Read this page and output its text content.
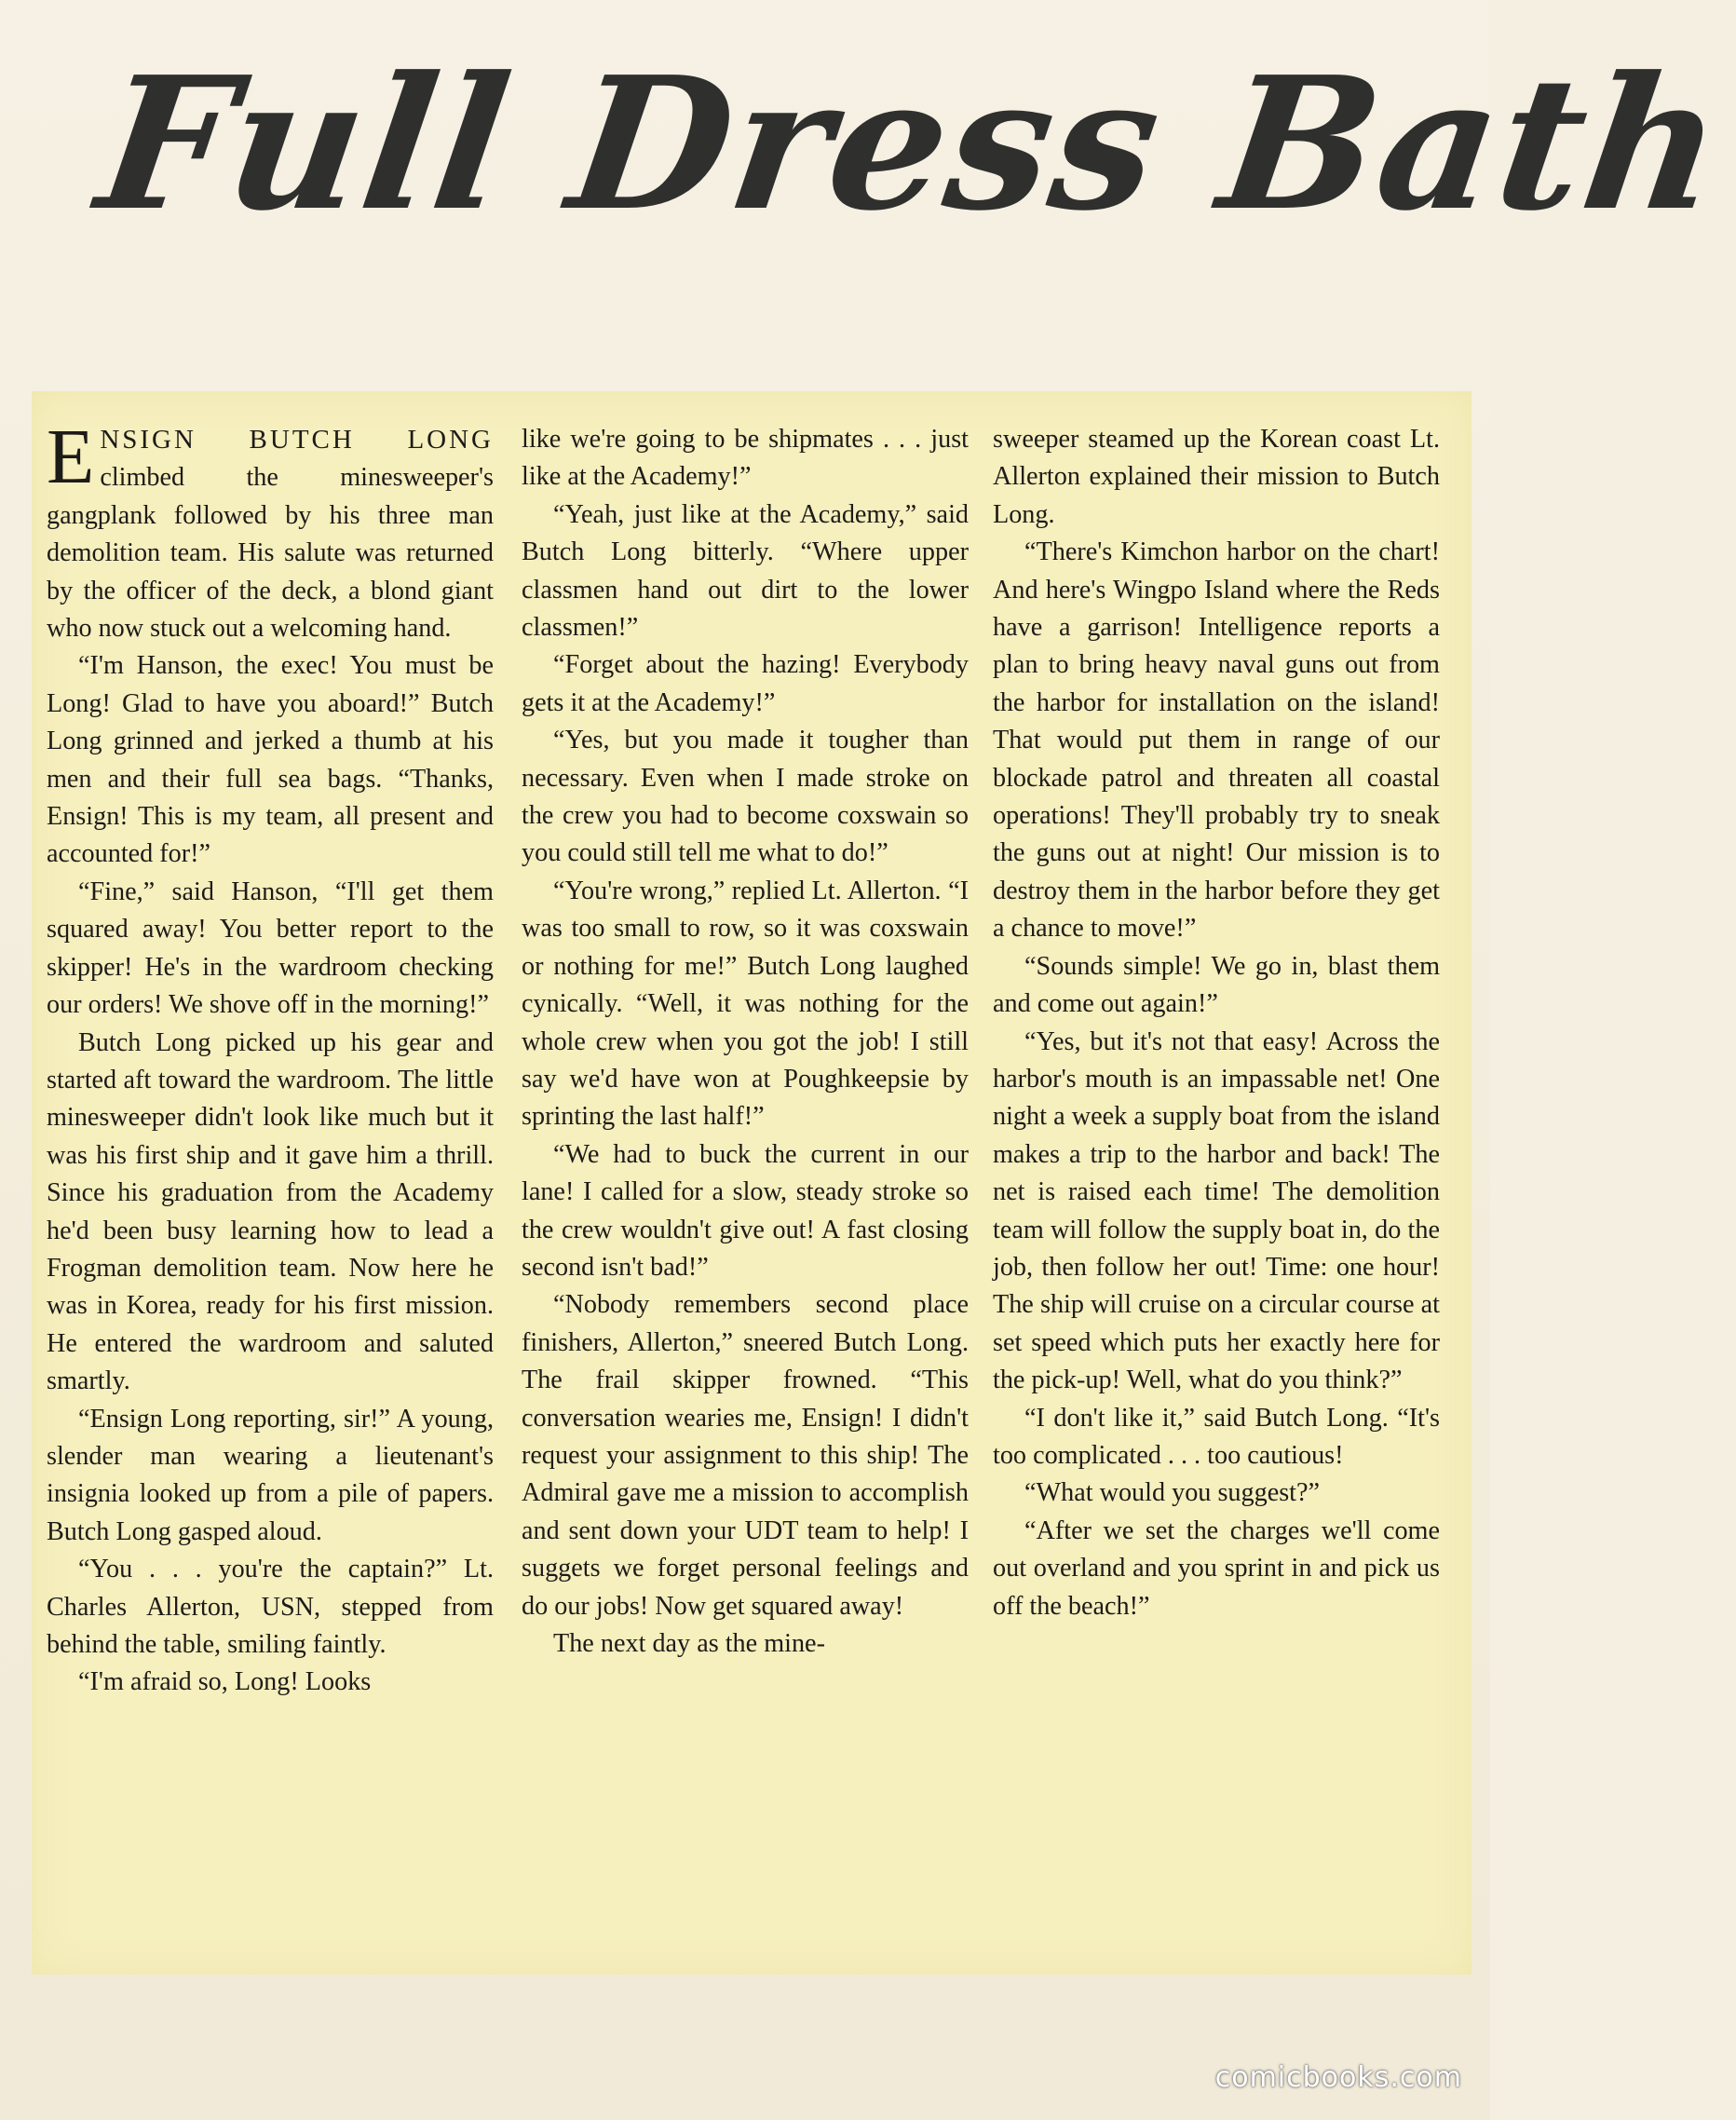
Full Dress Bath

ENSIGN BUTCH LONG climbed the minesweeper's gangplank followed by his three man demolition team. His salute was returned by the officer of the deck, a blond giant who now stuck out a welcoming hand.

“I'm Hanson, the exec! You must be Long! Glad to have you aboard!” Butch Long grinned and jerked a thumb at his men and their full sea bags. “Thanks, Ensign! This is my team, all present and accounted for!”

“Fine,” said Hanson, “I'll get them squared away! You better report to the skipper! He's in the wardroom checking our orders! We shove off in the morning!”

Butch Long picked up his gear and started aft toward the wardroom. The little minesweeper didn't look like much but it was his first ship and it gave him a thrill. Since his graduation from the Academy he'd been busy learning how to lead a Frogman demolition team. Now here he was in Korea, ready for his first mission. He entered the wardroom and saluted smartly.

“Ensign Long reporting, sir!” A young, slender man wearing a lieutenant's insignia looked up from a pile of papers. Butch Long gasped aloud.

“You . . . you're the captain?” Lt. Charles Allerton, USN, stepped from behind the table, smiling faintly.

“I'm afraid so, Long! Looks

like we're going to be shipmates . . . just like at the Academy!”

“Yeah, just like at the Academy,” said Butch Long bitterly. “Where upper classmen hand out dirt to the lower classmen!”

“Forget about the hazing! Everybody gets it at the Academy!”

“Yes, but you made it tougher than necessary. Even when I made stroke on the crew you had to become coxswain so you could still tell me what to do!”

“You're wrong,” replied Lt. Allerton. “I was too small to row, so it was coxswain or nothing for me!” Butch Long laughed cynically. “Well, it was nothing for the whole crew when you got the job! I still say we'd have won at Poughkeepsie by sprinting the last half!”

“We had to buck the current in our lane! I called for a slow, steady stroke so the crew wouldn't give out! A fast closing second isn't bad!”

“Nobody remembers second place finishers, Allerton,” sneered Butch Long. The frail skipper frowned. “This conversation wearies me, Ensign! I didn't request your assignment to this ship! The Admiral gave me a mission to accomplish and sent down your UDT team to help! I suggets we forget personal feelings and do our jobs! Now get squared away!

The next day as the mine-

sweeper steamed up the Korean coast Lt. Allerton explained their mission to Butch Long.

“There's Kimchon harbor on the chart! And here's Wingpo Island where the Reds have a garrison! Intelligence reports a plan to bring heavy naval guns out from the harbor for installation on the island! That would put them in range of our blockade patrol and threaten all coastal operations! They'll probably try to sneak the guns out at night! Our mission is to destroy them in the harbor before they get a chance to move!”

“Sounds simple! We go in, blast them and come out again!”

“Yes, but it's not that easy! Across the harbor's mouth is an impassable net! One night a week a supply boat from the island makes a trip to the harbor and back! The net is raised each time! The demolition team will follow the supply boat in, do the job, then follow her out! Time: one hour! The ship will cruise on a circular course at set speed which puts her exactly here for the pick-up! Well, what do you think?”

“I don't like it,” said Butch Long. “It's too complicated . . . too cautious!

“What would you suggest?”

“After we set the charges we'll come out overland and you sprint in and pick us off the beach!”

comicbooks.com
